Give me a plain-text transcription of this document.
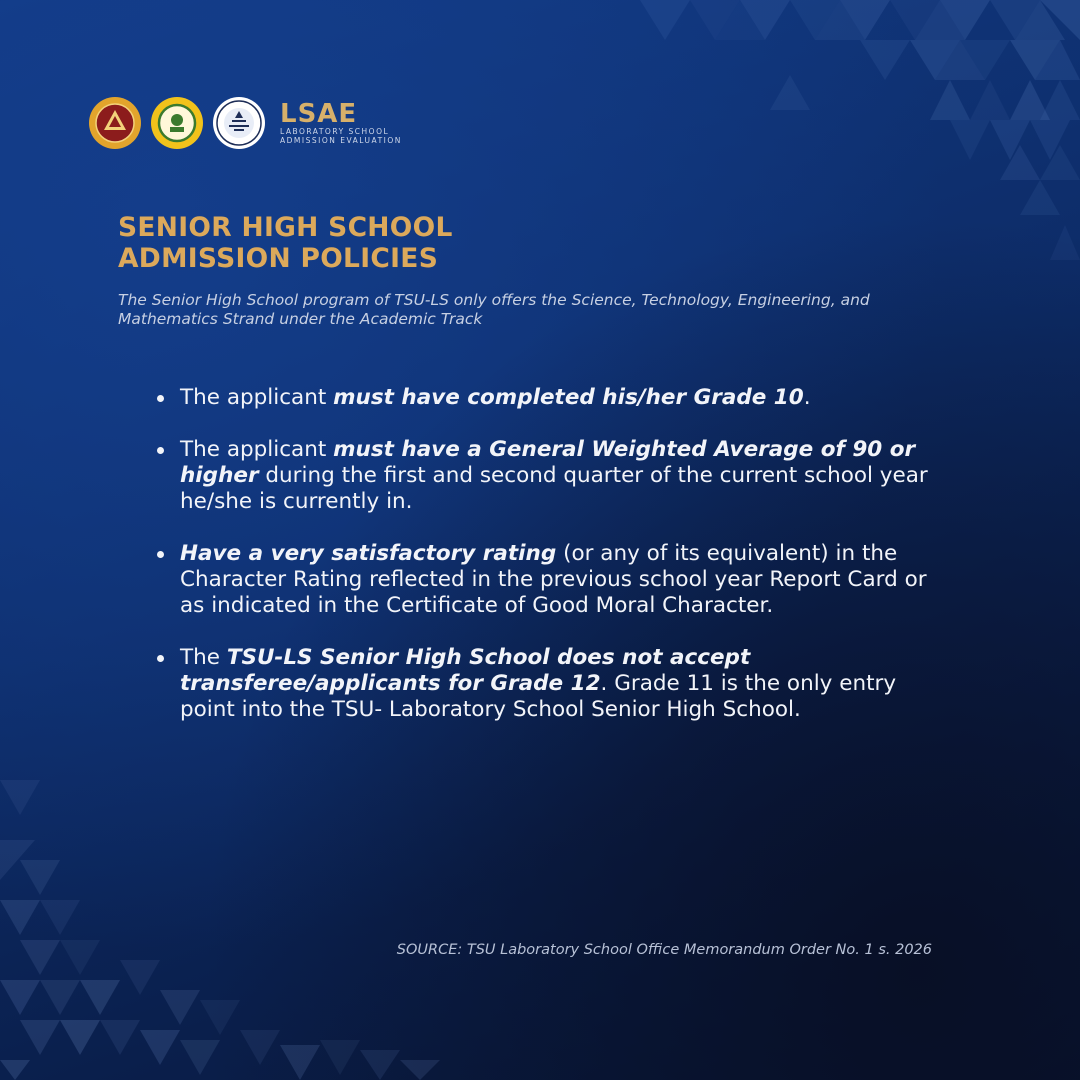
LSAE
LABORATORY SCHOOL
ADMISSION EVALUATION
SENIOR HIGH SCHOOL
ADMISSION POLICIES

The Senior High School program of TSU-LS only offers the Science, Technology, Engineering, and Mathematics Strand under the Academic Track

The applicant must have completed his/her Grade 10.
The applicant must have a General Weighted Average of 90 or higher during the first and second quarter of the current school year he/she is currently in.
Have a very satisfactory rating (or any of its equivalent) in the Character Rating reflected in the previous school year Report Card or as indicated in the Certificate of Good Moral Character.
The TSU-LS Senior High School does not accept transferee/applicants for Grade 12. Grade 11 is the only entry point into the TSU- Laboratory School Senior High School.
SOURCE: TSU Laboratory School Office Memorandum Order No. 1 s. 2026
